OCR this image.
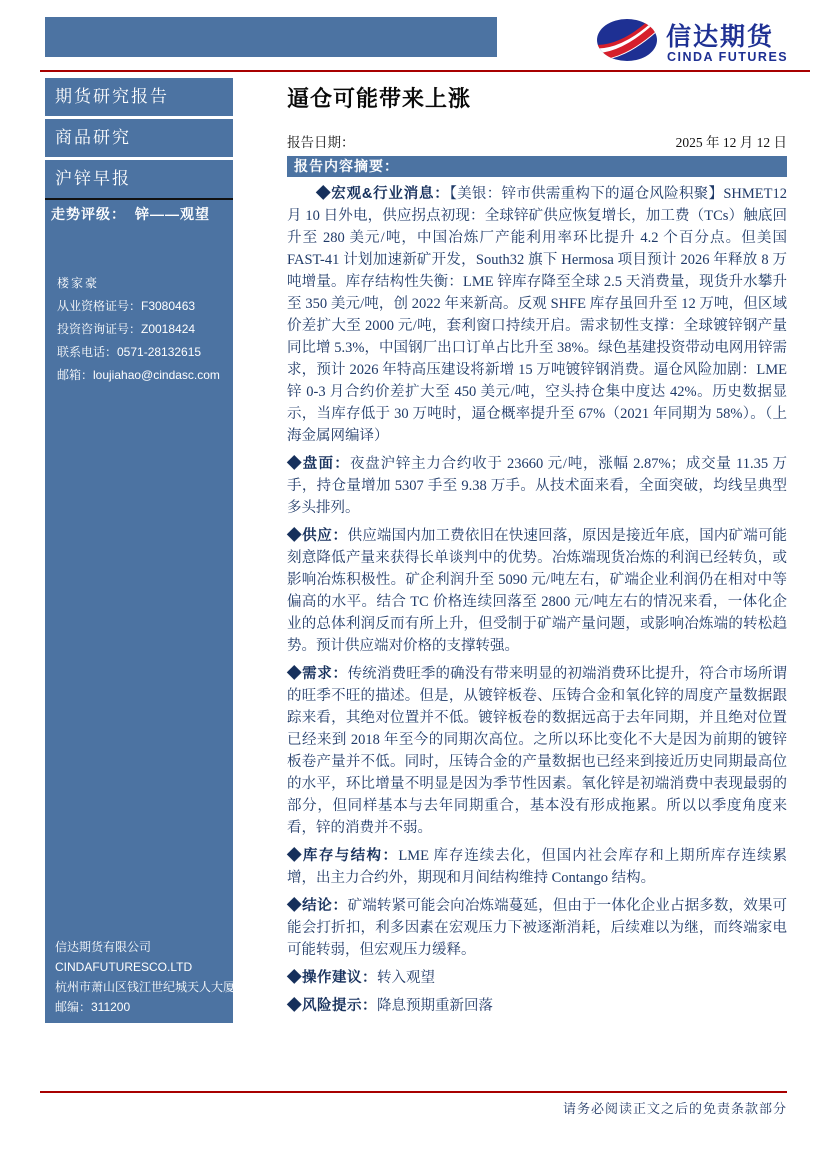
信达期货
CINDA FUTURES
期货研究报告
商品研究
沪锌早报
走势评级： 锌——观望
楼家豪
从业资格证号：F3080463
投资咨询证号：Z0018424
联系电话：0571-28132615
邮箱：loujiahao@cindasc.com
信达期货有限公司
CINDAFUTURESCO.LTD
杭州市萧山区钱江世纪城天人大厦19-20楼
邮编：311200
逼仓可能带来上涨
报告日期：	2025 年 12 月 12 日
报告内容摘要：

◆宏观&行业消息：【美银：锌市供需重构下的逼仓风险积聚】SHMET12 月 10 日外电，供应拐点初现：全球锌矿供应恢复增长，加工费（TCs）触底回升至 280 美元/吨，中国冶炼厂产能利用率环比提升 4.2 个百分点。但美国 FAST-41 计划加速新矿开发，South32 旗下 Hermosa 项目预计 2026 年释放 8 万吨增量。库存结构性失衡：LME 锌库存降至全球 2.5 天消费量，现货升水攀升至 350 美元/吨，创 2022 年来新高。反观 SHFE 库存虽回升至 12 万吨，但区域价差扩大至 2000 元/吨，套利窗口持续开启。需求韧性支撑：全球镀锌钢产量同比增 5.3%，中国钢厂出口订单占比升至 38%。绿色基建投资带动电网用锌需求，预计 2026 年特高压建设将新增 15 万吨镀锌钢消费。逼仓风险加剧：LME 锌 0-3 月合约价差扩大至 450 美元/吨，空头持仓集中度达 42%。历史数据显示，当库存低于 30 万吨时，逼仓概率提升至 67%（2021 年同期为 58%）。（上海金属网编译）

◆盘面：夜盘沪锌主力合约收于 23660 元/吨，涨幅 2.87%；成交量 11.35 万手，持仓量增加 5307 手至 9.38 万手。从技术面来看，全面突破，均线呈典型多头排列。

◆供应：供应端国内加工费依旧在快速回落，原因是接近年底，国内矿端可能刻意降低产量来获得长单谈判中的优势。冶炼端现货冶炼的利润已经转负，或影响冶炼积极性。矿企利润升至 5090 元/吨左右，矿端企业利润仍在相对中等偏高的水平。结合 TC 价格连续回落至 2800 元/吨左右的情况来看，一体化企业的总体利润反而有所上升，但受制于矿端产量问题，或影响冶炼端的转松趋势。预计供应端对价格的支撑转强。

◆需求：传统消费旺季的确没有带来明显的初端消费环比提升，符合市场所谓的旺季不旺的描述。但是，从镀锌板卷、压铸合金和氧化锌的周度产量数据跟踪来看，其绝对位置并不低。镀锌板卷的数据远高于去年同期，并且绝对位置已经来到 2018 年至今的同期次高位。之所以环比变化不大是因为前期的镀锌板卷产量并不低。同时，压铸合金的产量数据也已经来到接近历史同期最高位的水平，环比增量不明显是因为季节性因素。氧化锌是初端消费中表现最弱的部分，但同样基本与去年同期重合，基本没有形成拖累。所以以季度角度来看，锌的消费并不弱。

◆库存与结构：LME 库存连续去化，但国内社会库存和上期所库存连续累增，出主力合约外，期现和月间结构维持 Contango 结构。

◆结论：矿端转紧可能会向冶炼端蔓延，但由于一体化企业占据多数，效果可能会打折扣，利多因素在宏观压力下被逐渐消耗，后续难以为继，而终端家电可能转弱，但宏观压力缓释。

◆操作建议：转入观望

◆风险提示：降息预期重新回落

请务必阅读正文之后的免责条款部分
